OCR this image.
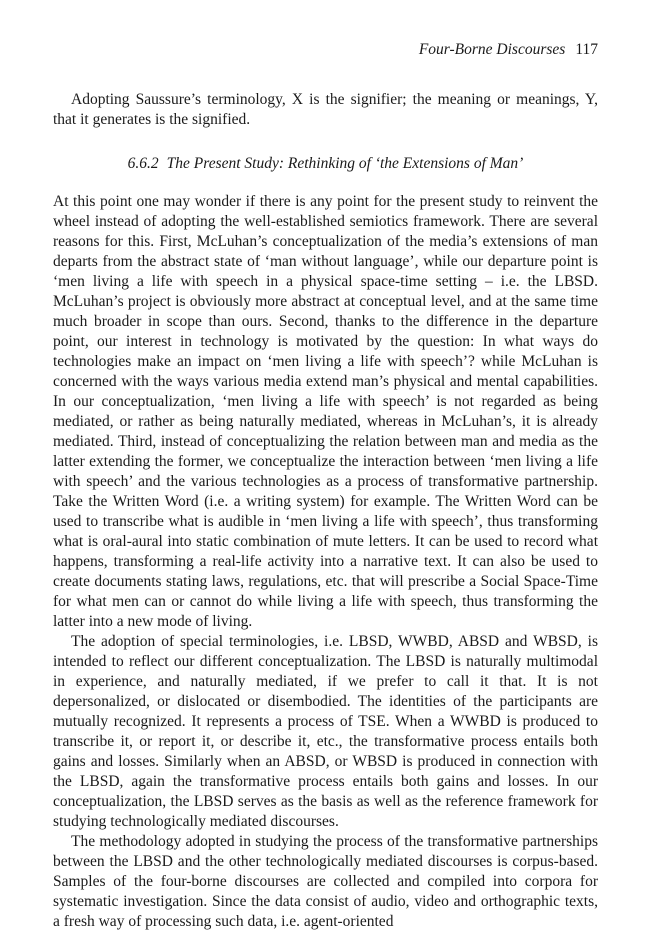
Four-Borne Discourses 117

Adopting Saussure’s terminology, X is the signifier; the meaning or meanings, Y, that it generates is the signified.

6.6.2 The Present Study: Rethinking of ‘the Extensions of Man’

At this point one may wonder if there is any point for the present study to reinvent the wheel instead of adopting the well-established semiotics framework. There are several reasons for this. First, McLuhan’s conceptualization of the media’s extensions of man departs from the abstract state of ‘man without language’, while our departure point is ‘men living a life with speech in a physical space-time setting – i.e. the LBSD. McLuhan’s project is obviously more abstract at conceptual level, and at the same time much broader in scope than ours. Second, thanks to the difference in the departure point, our interest in technology is motivated by the question: In what ways do technologies make an impact on ‘men living a life with speech’? while McLuhan is concerned with the ways various media extend man’s physical and mental capabilities. In our conceptualization, ‘men living a life with speech’ is not regarded as being mediated, or rather as being naturally mediated, whereas in McLuhan’s, it is already mediated. Third, instead of conceptualizing the relation between man and media as the latter extending the former, we conceptualize the interaction between ‘men living a life with speech’ and the various technologies as a process of transformative partnership. Take the Written Word (i.e. a writing system) for example. The Written Word can be used to transcribe what is audible in ‘men living a life with speech’, thus transforming what is oral-aural into static combination of mute letters. It can be used to record what happens, transforming a real-life activity into a narrative text. It can also be used to create documents stating laws, regulations, etc. that will prescribe a Social Space-Time for what men can or cannot do while living a life with speech, thus transforming the latter into a new mode of living.

The adoption of special terminologies, i.e. LBSD, WWBD, ABSD and WBSD, is intended to reflect our different conceptualization. The LBSD is naturally multimodal in experience, and naturally mediated, if we prefer to call it that. It is not depersonalized, or dislocated or disembodied. The identities of the participants are mutually recognized. It represents a process of TSE. When a WWBD is produced to transcribe it, or report it, or describe it, etc., the transformative process entails both gains and losses. Similarly when an ABSD, or WBSD is produced in connection with the LBSD, again the transformative process entails both gains and losses. In our conceptualization, the LBSD serves as the basis as well as the reference framework for studying technologically mediated discourses.

The methodology adopted in studying the process of the transformative partnerships between the LBSD and the other technologically mediated discourses is corpus-based. Samples of the four-borne discourses are collected and compiled into corpora for systematic investigation. Since the data consist of audio, video and orthographic texts, a fresh way of processing such data, i.e. agent-oriented
